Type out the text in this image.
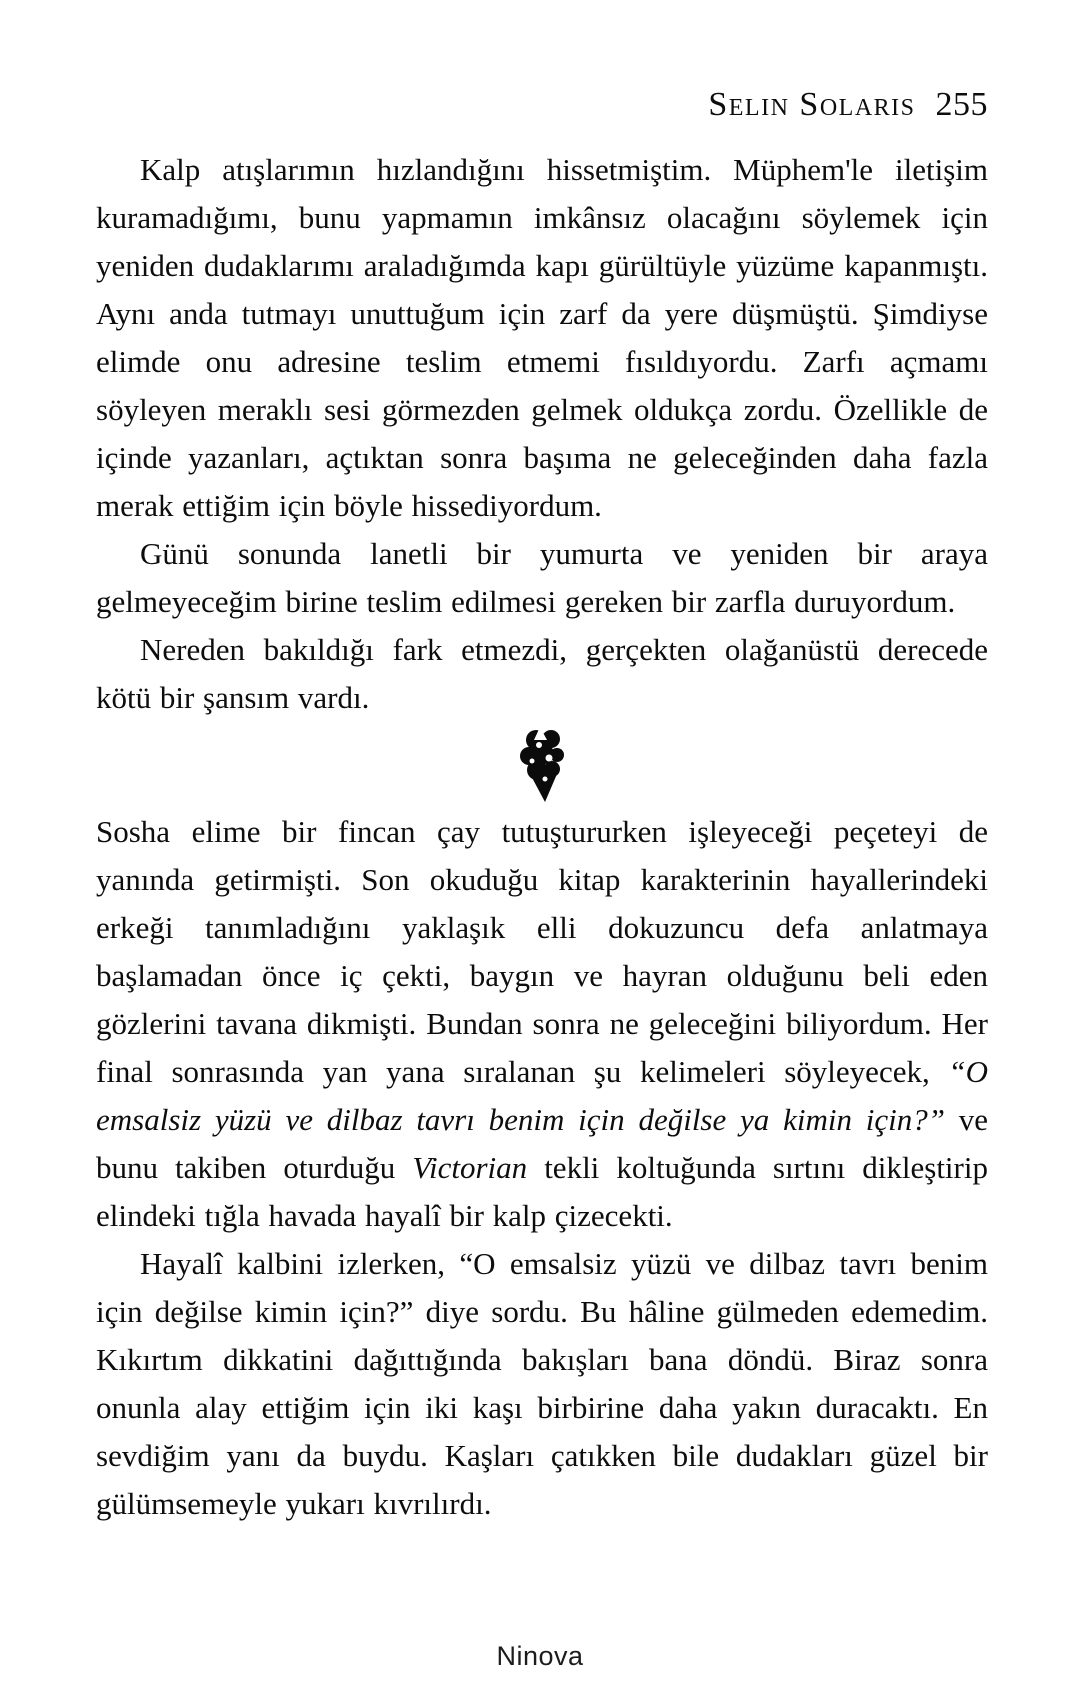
Selin Solaris 255

Kalp atışlarımın hızlandığını hissetmiştim. Müphem'le iletişim kuramadığımı, bunu yapmamın imkânsız olacağını söylemek için yeniden dudaklarımı araladığımda kapı gürültüyle yüzüme kapanmıştı. Aynı anda tutmayı unuttuğum için zarf da yere düşmüştü. Şimdiyse elimde onu adresine teslim etmemi fısıldıyordu. Zarfı açmamı söyleyen meraklı sesi görmezden gelmek oldukça zordu. Özellikle de içinde yazanları, açtıktan sonra başıma ne geleceğinden daha fazla merak ettiğim için böyle hissediyordum.

Günü sonunda lanetli bir yumurta ve yeniden bir araya gelmeyeceğim birine teslim edilmesi gereken bir zarfla duruyordum.

Nereden bakıldığı fark etmezdi, gerçekten olağanüstü derecede kötü bir şansım vardı.

Sosha elime bir fincan çay tutuştururken işleyeceği peçeteyi de yanında getirmişti. Son okuduğu kitap karakterinin hayallerindeki erkeği tanımladığını yaklaşık elli dokuzuncu defa anlatmaya başlamadan önce iç çekti, baygın ve hayran olduğunu beli eden gözlerini tavana dikmişti. Bundan sonra ne geleceğini biliyordum. Her final sonrasında yan yana sıralanan şu kelimeleri söyleyecek, “O emsalsiz yüzü ve dilbaz tavrı benim için değilse ya kimin için?” ve bunu takiben oturduğu Victorian tekli koltuğunda sırtını dikleştirip elindeki tığla havada hayalî bir kalp çizecekti.

Hayalî kalbini izlerken, “O emsalsiz yüzü ve dilbaz tavrı benim için değilse kimin için?” diye sordu. Bu hâline gülmeden edemedim. Kıkırtım dikkatini dağıttığında bakışları bana döndü. Biraz sonra onunla alay ettiğim için iki kaşı birbirine daha yakın duracaktı. En sevdiğim yanı da buydu. Kaşları çatıkken bile dudakları güzel bir gülümsemeyle yukarı kıvrılırdı.

Ninova
